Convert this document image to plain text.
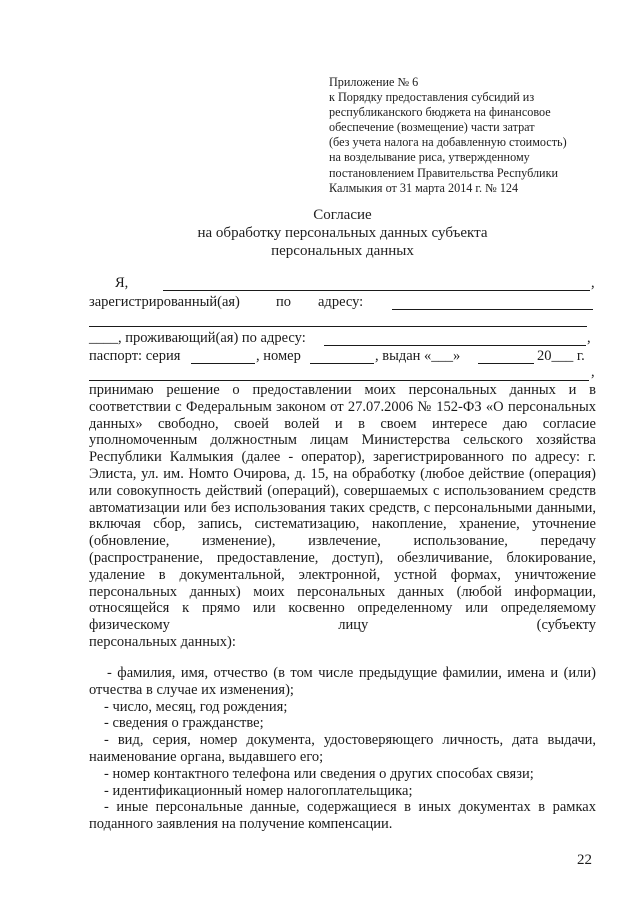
Приложение № 6
к Порядку предоставления субсидий из
республиканского бюджета на финансовое
обеспечение (возмещение) части затрат
(без учета налога на добавленную стоимость)
на возделывание риса, утвержденному
постановлением Правительства Республики
Калмыкия от 31 марта 2014 г. № 124
Согласие
на обработку персональных данных субъекта
персональных данных
Я,	,
зарегистрированный(ая) по адресу:
____, проживающий(ая) по адресу:	,
паспорт: серия	, номер	, выдан «___»	20___ г.
,
принимаю решение о предоставлении моих персональных данных и в соответствии с Федеральным законом от 27.07.2006 № 152-ФЗ «О персональных данных» свободно, своей волей и в своем интересе даю согласие уполномоченным должностным лицам Министерства сельского хозяйства Республики Калмыкия (далее - оператор), зарегистрированного по адресу: г. Элиста, ул. им. Номто Очирова, д. 15, на обработку (любое действие (операция) или совокупность действий (операций), совершаемых с использованием средств автоматизации или без использования таких средств, с персональными данными, включая сбор, запись, систематизацию, накопление, хранение, уточнение (обновление, изменение), извлечение, использование, передачу (распространение, предоставление, доступ), обезличивание, блокирование, удаление в документальной, электронной, устной формах, уничтожение персональных данных) моих персональных данных (любой информации, относящейся к прямо или косвенно определенному или определяемому физическому лицу (субъекту
персональных данных):
- фамилия, имя, отчество (в том числе предыдущие фамилии, имена и (или) отчества в случае их изменения);
- число, месяц, год рождения;
- сведения о гражданстве;
- вид, серия, номер документа, удостоверяющего личность, дата выдачи, наименование органа, выдавшего его;
- номер контактного телефона или сведения о других способах связи;
- идентификационный номер налогоплательщика;
- иные персональные данные, содержащиеся в иных документах в рамках поданного заявления на получение компенсации.
22
